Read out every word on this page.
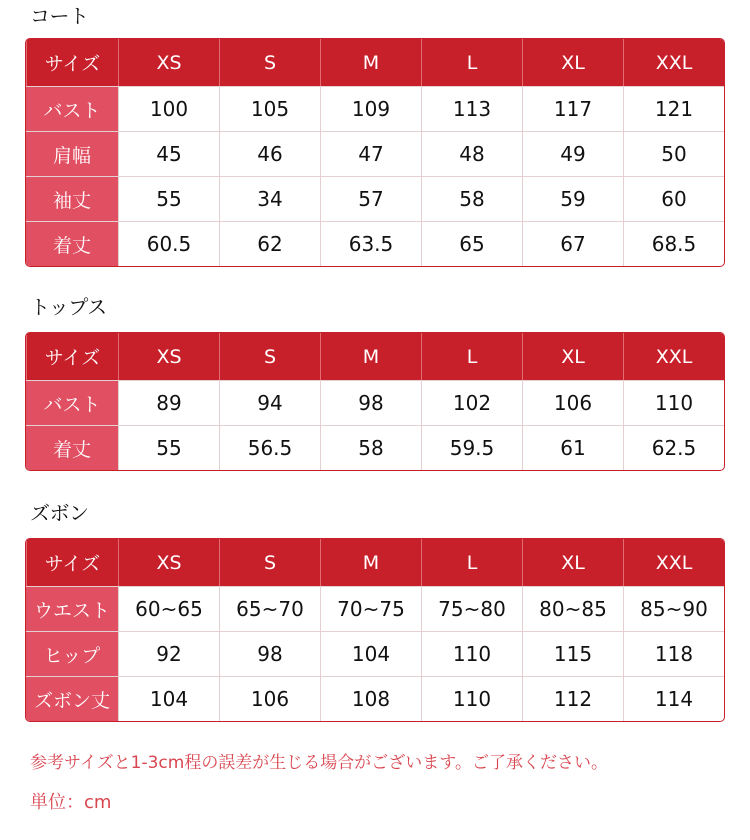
コート
サイズ	XS	S	M	L	XL	XXL
バスト	100	105	109	113	117	121
肩幅	45	46	47	48	49	50
袖丈	55	34	57	58	59	60
着丈	60.5	62	63.5	65	67	68.5
トップス
サイズ	XS	S	M	L	XL	XXL
バスト	89	94	98	102	106	110
着丈	55	56.5	58	59.5	61	62.5
ズボン
サイズ	XS	S	M	L	XL	XXL
ウエスト	60~65	65~70	70~75	75~80	80~85	85~90
ヒップ	92	98	104	110	115	118
ズボン丈	104	106	108	110	112	114
参考サイズと1-3cm程の誤差が生じる場合がございます。ご了承ください。
単位：cm
